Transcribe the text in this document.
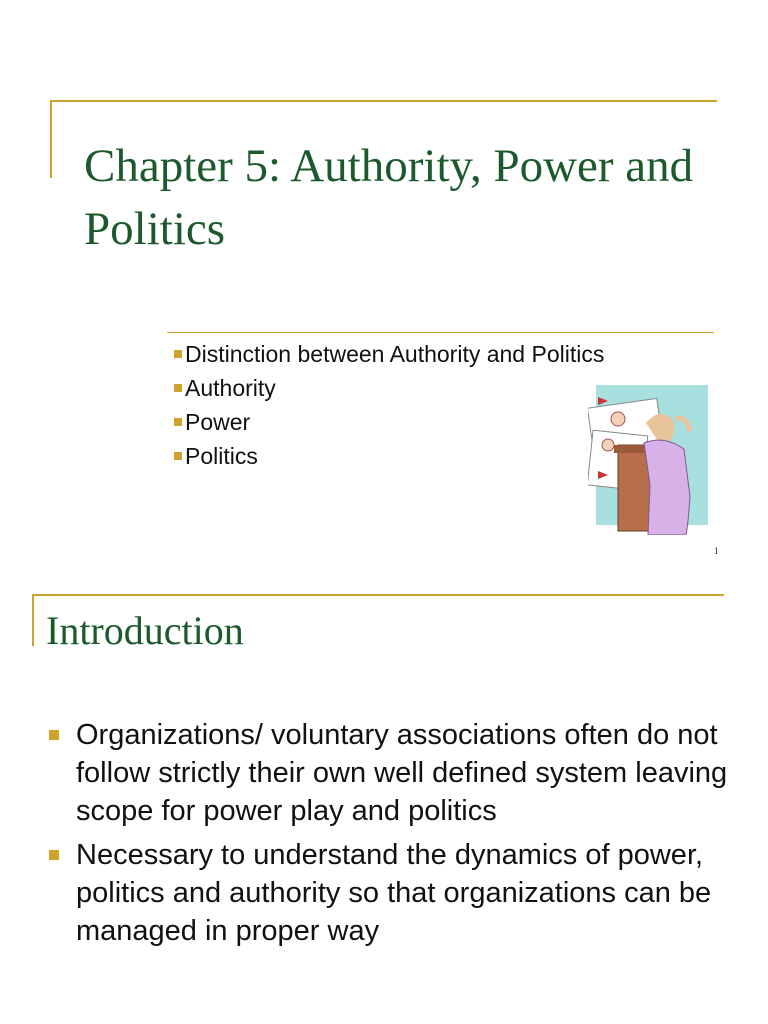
Chapter 5: Authority, Power and Politics
Distinction between Authority and Politics
Authority
Power
Politics
1
Introduction
Organizations/ voluntary associations often do not follow strictly their own well defined system leaving scope for power play and politics
Necessary to understand the dynamics of power, politics and authority so that organizations can be managed in proper way
